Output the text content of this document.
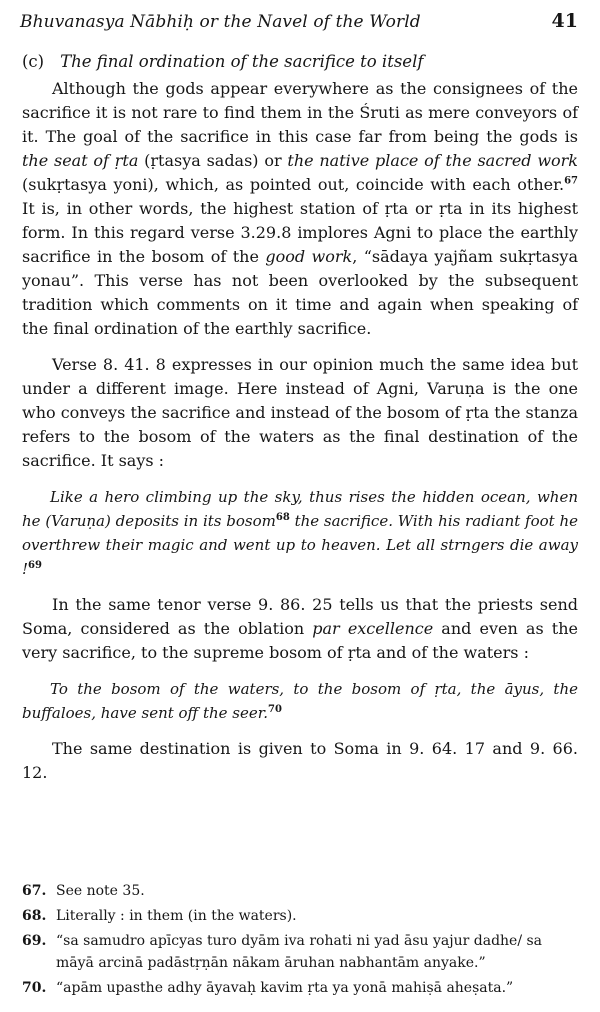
Bhuvanasya Nābhiḥ or the Navel of the World	41
(c) The final ordination of the sacrifice to itself

Although the gods appear everywhere as the consignees of the sacrifice it is not rare to find them in the Śruti as mere conveyors of it. The goal of the sacrifice in this case far from being the gods is the seat of ṛta (ṛtasya sadas) or the native place of the sacred work (sukṛtasya yoni), which, as pointed out, coincide with each other.$^{67}$ It is, in other words, the highest station of ṛta or ṛta in its highest form. In this regard verse 3.29.8 implores Agni to place the earthly sacrifice in the bosom of the good work, “sādaya yajñam sukṛtasya yonau”. This verse has not been overlooked by the subsequent tradition which comments on it time and again when speaking of the final ordination of the earthly sacrifice.

Verse 8. 41. 8 expresses in our opinion much the same idea but under a different image. Here instead of Agni, Varuṇa is the one who conveys the sacrifice and instead of the bosom of ṛta the stanza refers to the bosom of the waters as the final destination of the sacrifice. It says :

Like a hero climbing up the sky, thus rises the hidden ocean, when he (Varuṇa) deposits in its bosom$^{68}$ the sacrifice. With his radiant foot he overthrew their magic and went up to heaven. Let all strngers die away !$^{69}$

In the same tenor verse 9. 86. 25 tells us that the priests send Soma, considered as the oblation par excellence and even as the very sacrifice, to the supreme bosom of ṛta and of the waters :

To the bosom of the waters, to the bosom of ṛta, the āyus, the buffaloes, have sent off the seer.$^{70}$

The same destination is given to Soma in 9. 64. 17 and 9. 66. 12.

67. See note 35.
68. Literally : in them (in the waters).
69. “sa samudro apīcyas turo dyām iva rohati ni yad āsu yajur dadhe/ sa māyā arcinā padāstṛṇān nākam āruhan nabhantām anyake.”
70. “apām upasthe adhy āyavaḥ kavim ṛta ya yonā mahiṣā aheṣata.”
